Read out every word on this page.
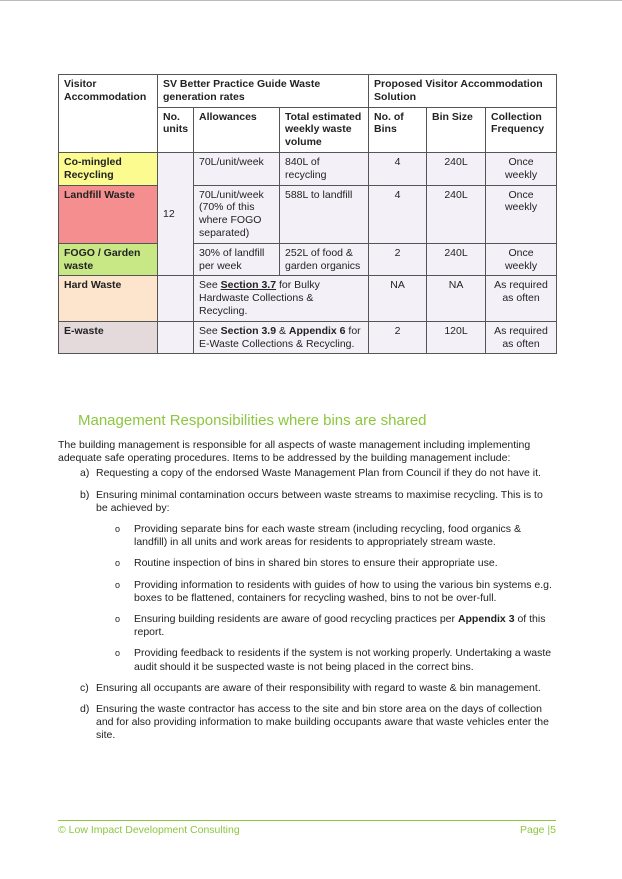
Visitor Accommodation	SV Better Practice Guide Waste generation rates			Proposed Visitor Accommodation Solution		
	No. units	Allowances	Total estimated weekly waste volume	No. of Bins	Bin Size	Collection Frequency
Co-mingled Recycling	12	70L/unit/week	840L of recycling	4	240L	Once weekly
Landfill Waste		70L/unit/week (70% of this where FOGO separated)	588L to landfill	4	240L	Once weekly
FOGO / Garden waste		30% of landfill per week	252L of food & garden organics	2	240L	Once weekly
Hard Waste		See Section 3.7 for Bulky Hardwaste Collections & Recycling.		NA	NA	As required as often
E-waste		See Section 3.9 & Appendix 6 for E-Waste Collections & Recycling.		2	120L	As required as often
Management Responsibilities where bins are shared

The building management is responsible for all aspects of waste management including implementing adequate safe operating procedures. Items to be addressed by the building management include:

a) Requesting a copy of the endorsed Waste Management Plan from Council if they do not have it.
b) Ensuring minimal contamination occurs between waste streams to maximise recycling. This is to be achieved by:
o Providing separate bins for each waste stream (including recycling, food organics & landfill) in all units and work areas for residents to appropriately stream waste.
o Routine inspection of bins in shared bin stores to ensure their appropriate use.
o Providing information to residents with guides of how to using the various bin systems e.g. boxes to be flattened, containers for recycling washed, bins to not be over-full.
o Ensuring building residents are aware of good recycling practices per Appendix 3 of this report.
o Providing feedback to residents if the system is not working properly. Undertaking a waste audit should it be suspected waste is not being placed in the correct bins.
c) Ensuring all occupants are aware of their responsibility with regard to waste & bin management.
d) Ensuring the waste contractor has access to the site and bin store area on the days of collection and for also providing information to make building occupants aware that waste vehicles enter the site.
© Low Impact Development Consulting	Page |5
